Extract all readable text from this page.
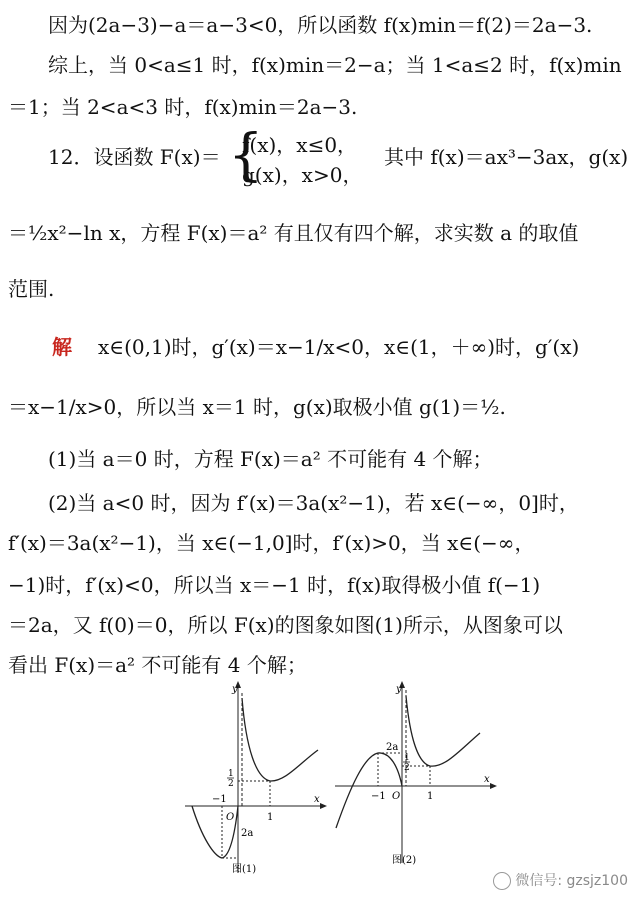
因为(2a−3)−a＝a−3<0，所以函数 f(x)min＝f(2)＝2a−3.
综上，当 0<a≤1 时，f(x)min＝2−a；当 1<a≤2 时，f(x)min
＝1；当 2<a<3 时，f(x)min＝2a−3.
12．设函数 F(x)＝ {
f(x)，x≤0，
g(x)，x>0，
其中 f(x)＝ax³−3ax，g(x)
＝½x²−ln x，方程 F(x)＝a² 有且仅有四个解，求实数 a 的取值
范围.
解	x∈(0,1)时，g′(x)＝x−1/x<0，x∈(1，＋∞)时，g′(x)
＝x−1/x>0，所以当 x＝1 时，g(x)取极小值 g(1)＝½.
(1)当 a＝0 时，方程 F(x)＝a² 不可能有 4 个解；
(2)当 a<0 时，因为 f′(x)＝3a(x²−1)，若 x∈(−∞，0]时，
f′(x)＝3a(x²−1)，当 x∈(−1,0]时，f′(x)>0，当 x∈(−∞，
−1)时，f′(x)<0，所以当 x＝−1 时，f(x)取得极小值 f(−1)
＝2a，又 f(0)＝0，所以 F(x)的图象如图(1)所示，从图象可以
看出 F(x)＝a² 不可能有 4 个解；
y
x
O
−1
1
1
2
2a
图(1)
y
x
O
−1	1
1
2
2a
图(2)
微信号: gzsjz100
